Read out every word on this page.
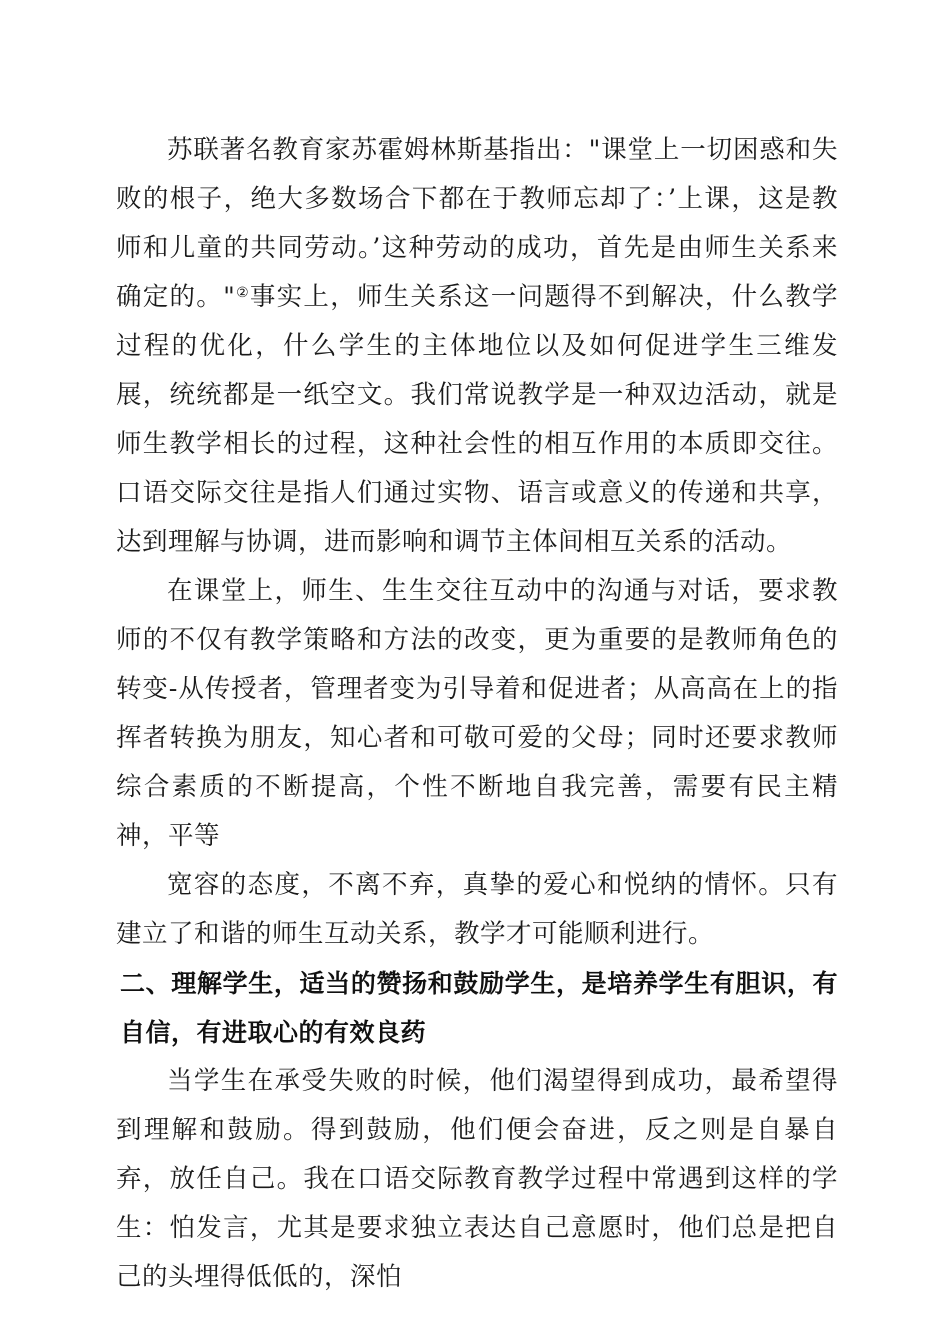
苏联著名教育家苏霍姆林斯基指出："课堂上一切困惑和失败的根子，绝大多数场合下都在于教师忘却了：’上课，这是教师和儿童的共同劳动。’这种劳动的成功，首先是由师生关系来确定的。"②事实上，师生关系这一问题得不到解决，什么教学过程的优化，什么学生的主体地位以及如何促进学生三维发展，统统都是一纸空文。我们常说教学是一种双边活动，就是师生教学相长的过程，这种社会性的相互作用的本质即交往。口语交际交往是指人们通过实物、语言或意义的传递和共享，达到理解与协调，进而影响和调节主体间相互关系的活动。

在课堂上，师生、生生交往互动中的沟通与对话，要求教师的不仅有教学策略和方法的改变，更为重要的是教师角色的转变-从传授者，管理者变为引导着和促进者；从高高在上的指挥者转换为朋友，知心者和可敬可爱的父母；同时还要求教师综合素质的不断提高，个性不断地自我完善，需要有民主精神，平等

宽容的态度，不离不弃，真挚的爱心和悦纳的情怀。只有建立了和谐的师生互动关系，教学才可能顺利进行。

二、理解学生，适当的赞扬和鼓励学生，是培养学生有胆识，有自信，有进取心的有效良药

当学生在承受失败的时候，他们渴望得到成功，最希望得到理解和鼓励。得到鼓励，他们便会奋进，反之则是自暴自弃，放任自己。我在口语交际教育教学过程中常遇到这样的学生：怕发言，尤其是要求独立表达自己意愿时，他们总是把自己的头埋得低低的，深怕
